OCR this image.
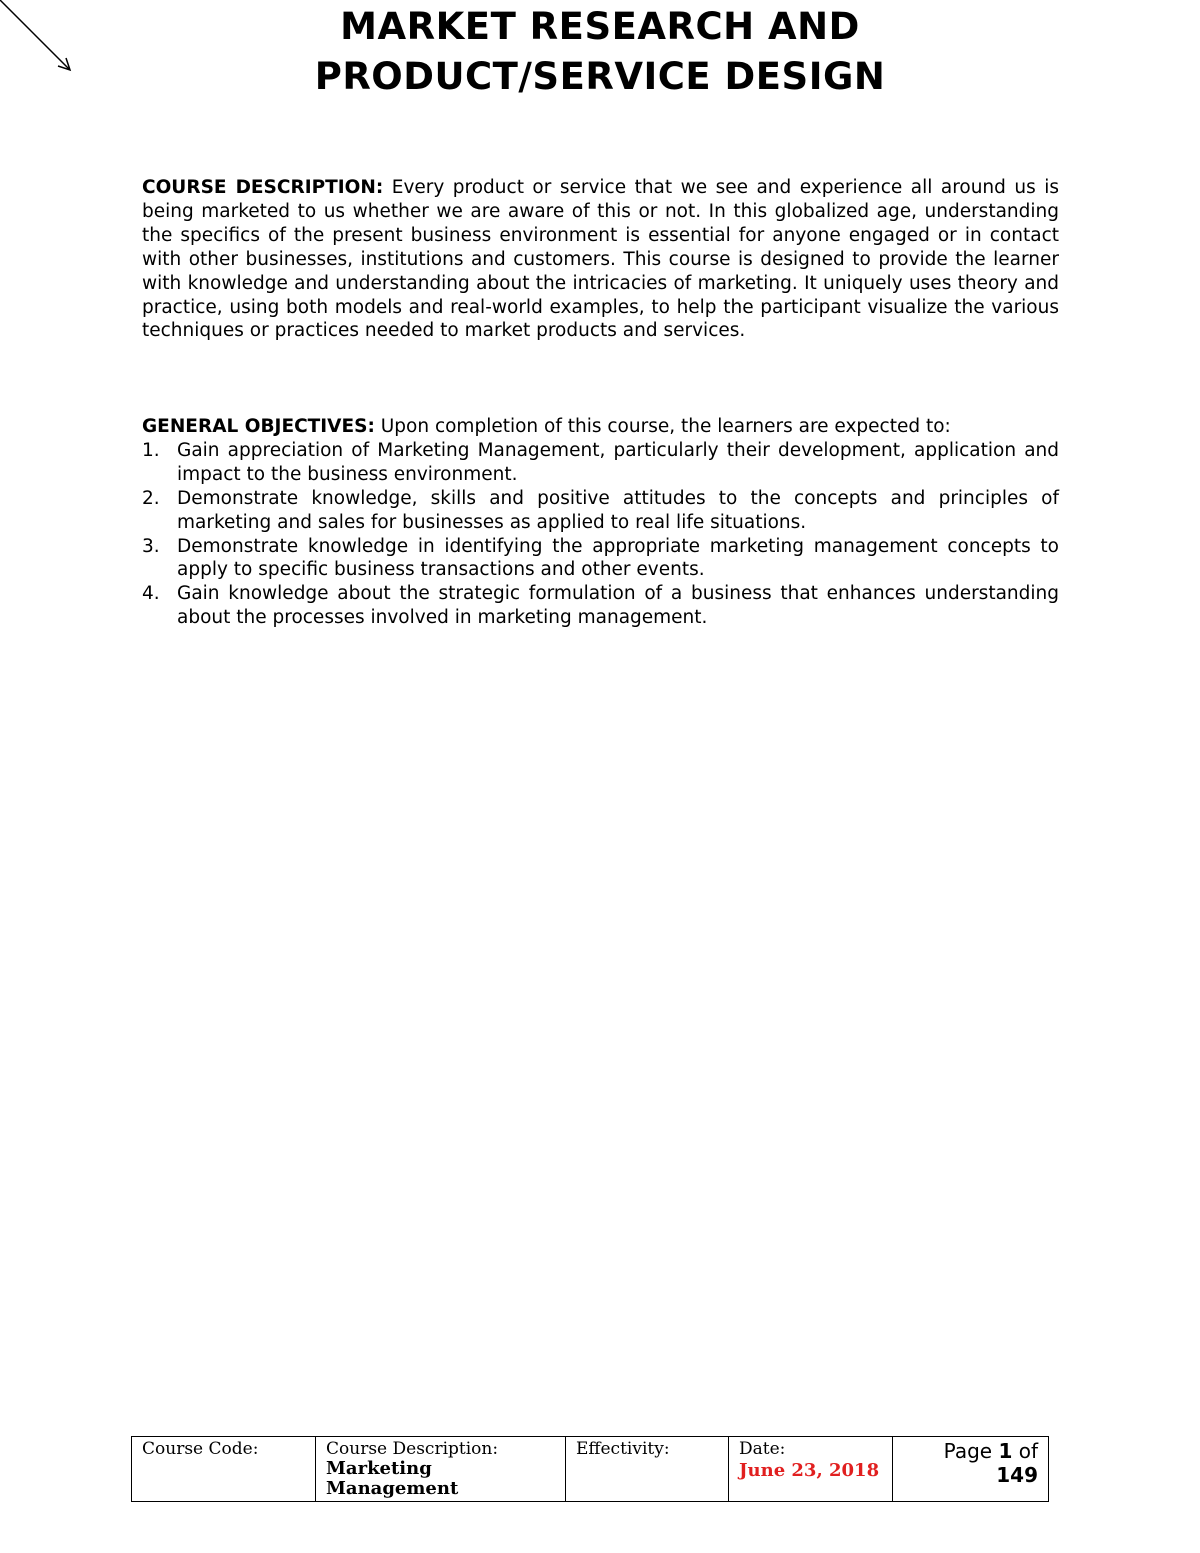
MARKET RESEARCH AND
PRODUCT/SERVICE DESIGN

COURSE DESCRIPTION: Every product or service that we see and experience all around us is being marketed to us whether we are aware of this or not. In this globalized age, understanding the specifics of the present business environment is essential for anyone engaged or in contact with other businesses, institutions and customers. This course is designed to provide the learner with knowledge and understanding about the intricacies of marketing. It uniquely uses theory and practice, using both models and real-world examples, to help the participant visualize the various techniques or practices needed to market products and services.

GENERAL OBJECTIVES: Upon completion of this course, the learners are expected to:
1. Gain appreciation of Marketing Management, particularly their development, application and impact to the business environment.
2. Demonstrate knowledge, skills and positive attitudes to the concepts and principles of marketing and sales for businesses as applied to real life situations.
3. Demonstrate knowledge in identifying the appropriate marketing management concepts to apply to specific business transactions and other events.
4. Gain knowledge about the strategic formulation of a business that enhances understanding about the processes involved in marketing management.
Course Code:	Course Description:
Marketing Management

Effectivity:	Date:
June 23, 2018

Page 1 of
149
